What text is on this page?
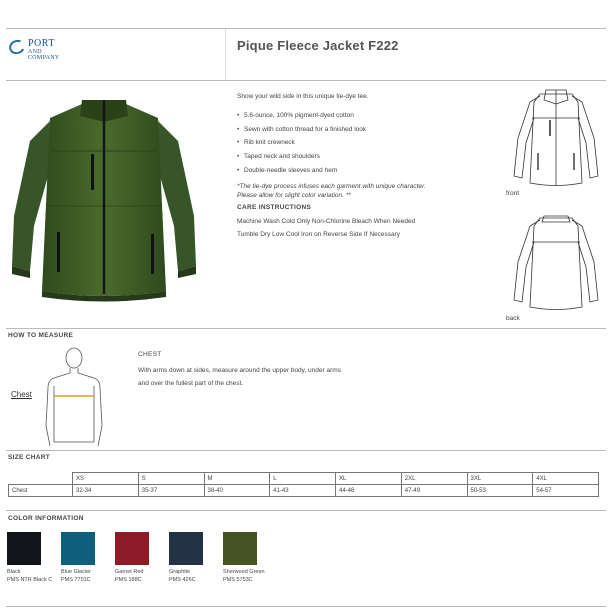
PORT
AND COMPANY
Pique Fleece Jacket F222
Show your wild side in this unique tie-dye tee.
• 5.6-ounce, 100% pigment-dyed cotton
• Sewn with cotton thread for a finished look
• Rib knit crewneck
• Taped neck and shoulders
• Double-needle sleeves and hem
*The tie-dye process infuses each garment with unique character. Please allow for slight color variation. **
CARE INSTRUCTIONS
Machine Wash Cold Only Non-Chlorine Bleach When Needed Tumble Dry Low Cool Iron on Reverse Side If Necessary
front
back
HOW TO MEASURE
Chest
CHEST
With arms down at sides, measure around the upper body, under arms and over the fullest part of the chest.
SIZE CHART
	XS	S	M	L	XL	2XL	3XL	4XL
Chest	32-34	35-37	38-40	41-43	44-46	47-49	50-53	54-57
COLOR INFORMATION
Black
PMS NTR Black C
Blue Glacier
PMS 7701C
Garnet Red
PMS 188C
Graphite
PMS 426C
Sherwood Green
PMS 5753C
